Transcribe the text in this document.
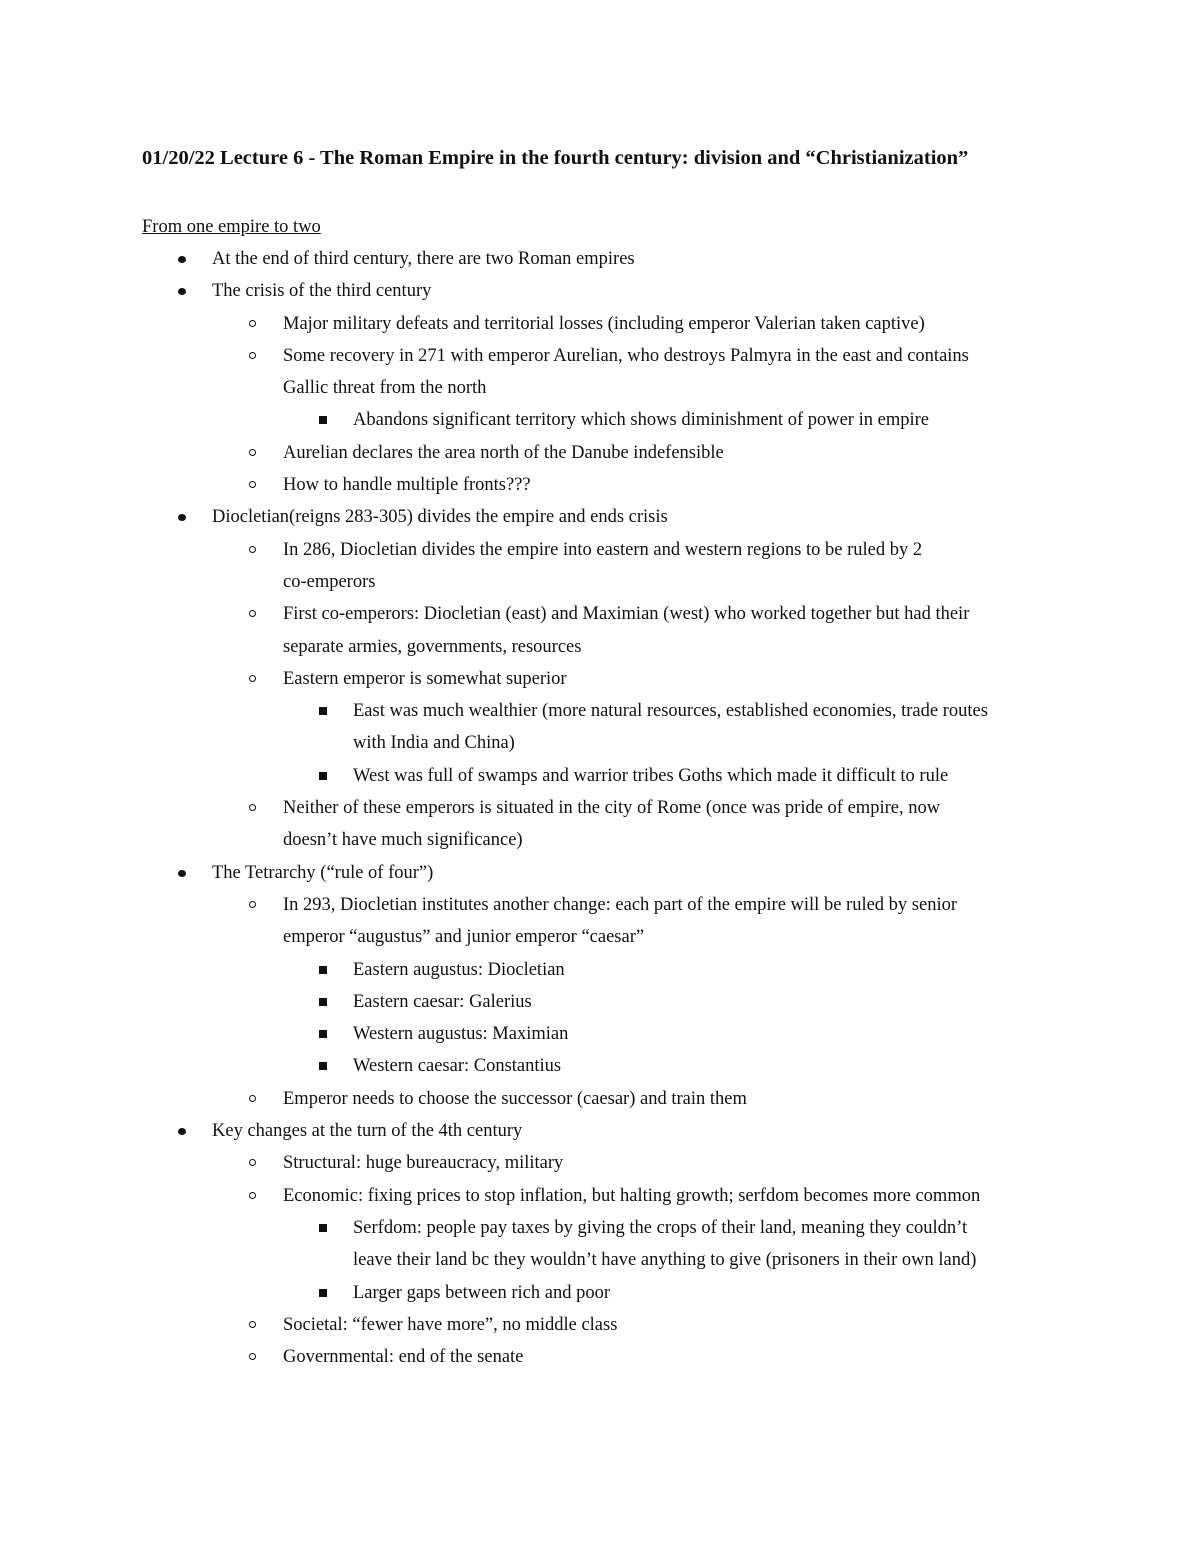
01/20/22 Lecture 6 - The Roman Empire in the fourth century: division and “Christianization”
From one empire to two
At the end of third century, there are two Roman empires
The crisis of the third century
Major military defeats and territorial losses (including emperor Valerian taken captive)
Some recovery in 271 with emperor Aurelian, who destroys Palmyra in the east and contains
Gallic threat from the north
Abandons significant territory which shows diminishment of power in empire
Aurelian declares the area north of the Danube indefensible
How to handle multiple fronts???
Diocletian(reigns 283-305) divides the empire and ends crisis
In 286, Diocletian divides the empire into eastern and western regions to be ruled by 2
co-emperors
First co-emperors: Diocletian (east) and Maximian (west) who worked together but had their
separate armies, governments, resources
Eastern emperor is somewhat superior
East was much wealthier (more natural resources, established economies, trade routes
with India and China)
West was full of swamps and warrior tribes Goths which made it difficult to rule
Neither of these emperors is situated in the city of Rome (once was pride of empire, now
doesn’t have much significance)
The Tetrarchy (“rule of four”)
In 293, Diocletian institutes another change: each part of the empire will be ruled by senior
emperor “augustus” and junior emperor “caesar”
Eastern augustus: Diocletian
Eastern caesar: Galerius
Western augustus: Maximian
Western caesar: Constantius
Emperor needs to choose the successor (caesar) and train them
Key changes at the turn of the 4th century
Structural: huge bureaucracy, military
Economic: fixing prices to stop inflation, but halting growth; serfdom becomes more common
Serfdom: people pay taxes by giving the crops of their land, meaning they couldn’t
leave their land bc they wouldn’t have anything to give (prisoners in their own land)
Larger gaps between rich and poor
Societal: “fewer have more”, no middle class
Governmental: end of the senate
